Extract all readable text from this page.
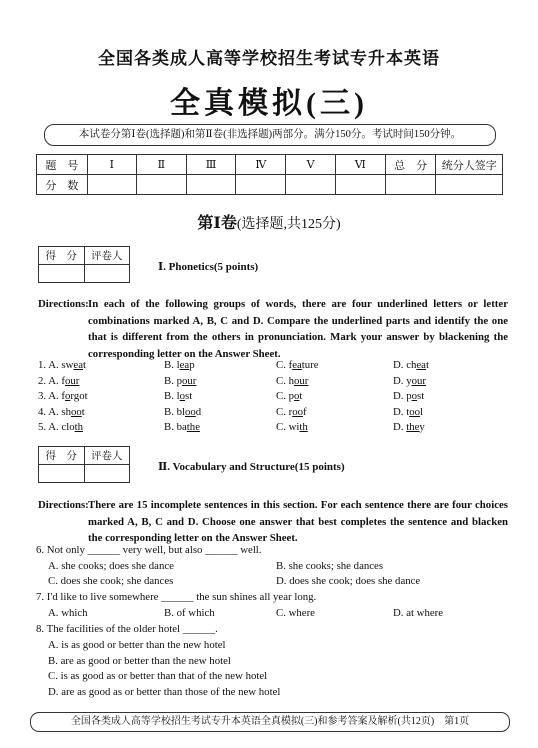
全国各类成人高等学校招生考试专升本英语
全真模拟(三)
本试卷分第Ⅰ卷(选择题)和第Ⅱ卷(非选择题)两部分。满分150分。考试时间150分钟。
题　号	Ⅰ	Ⅱ	Ⅲ	Ⅳ	Ⅴ	Ⅵ	总　分	统分人签字
分　数								
第Ⅰ卷(选择题,共125分)
得　分	评卷人

Ⅰ. Phonetics(5 points)
Directions: In each of the following groups of words, there are four underlined letters or letter combinations marked A, B, C and D. Compare the underlined parts and identify the one that is different from the others in pronunciation. Mark your answer by blackening the corresponding letter on the Answer Sheet.
1. A. sweat	B. leap	C. feature	D. cheat
2. A. four	B. pour	C. hour	D. your
3. A. forgot	B. lost	C. pot	D. post
4. A. shoot	B. blood	C. roof	D. tool
5. A. cloth	B. bathe	C. with	D. they
得　分	评卷人

Ⅱ. Vocabulary and Structure(15 points)
Directions: There are 15 incomplete sentences in this section. For each sentence there are four choices marked A, B, C and D. Choose one answer that best completes the sentence and blacken the corresponding letter on the Answer Sheet.
6. Not only ______ very well, but also ______ well.
A. she cooks; does she dance	B. she cooks; she dances
C. does she cook; she dances	D. does she cook; does she dance
7. I'd like to live somewhere ______ the sun shines all year long.
A. which	B. of which	C. where	D. at where
8. The facilities of the older hotel ______.
A. is as good or better than the new hotel
B. are as good or better than the new hotel
C. is as good as or better than that of the new hotel
D. are as good as or better than those of the new hotel
全国各类成人高等学校招生考试专升本英语全真模拟(三)和参考答案及解析(共12页)　第1页
